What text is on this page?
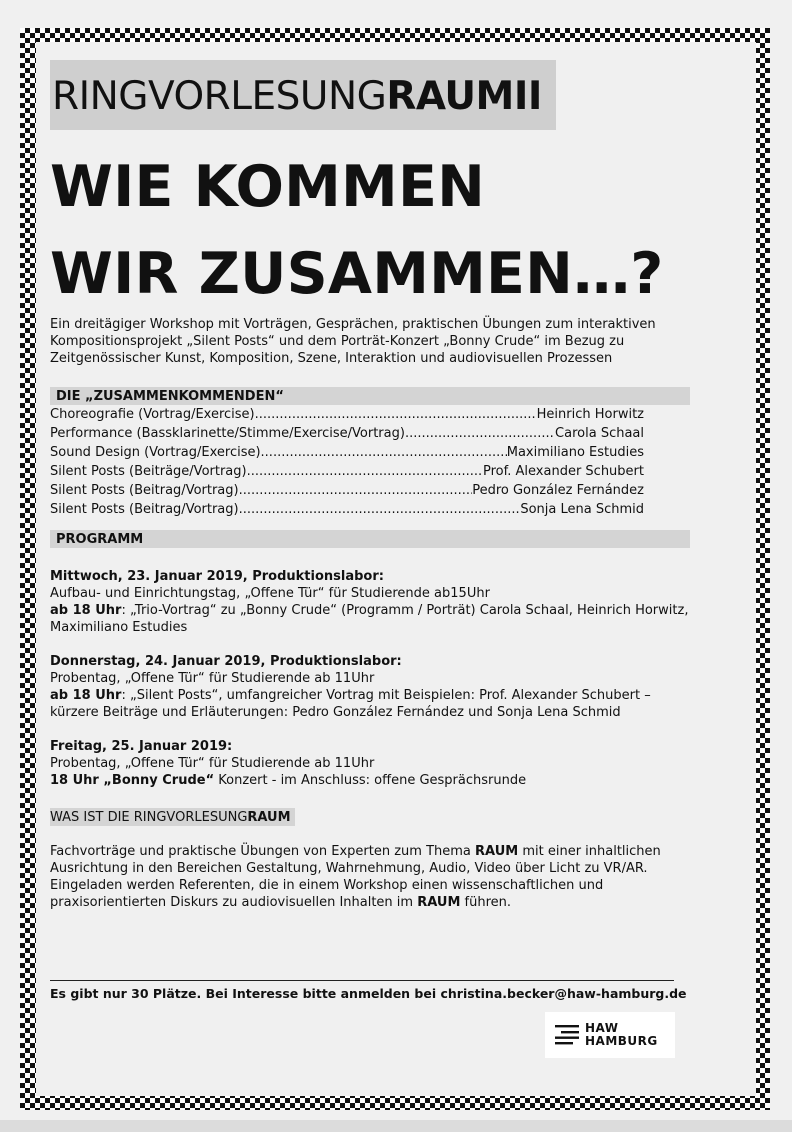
RINGVORLESUNGRAUMII
WIE KOMMEN
WIR ZUSAMMEN…?
Ein dreitägiger Workshop mit Vorträgen, Gesprächen, praktischen Übungen zum interaktiven Kompositionsprojekt „Silent Posts“ und dem Porträt-Konzert „Bonny Crude“ im Bezug zu Zeitgenössischer Kunst, Komposition, Szene, Interaktion und audiovisuellen Prozessen
DIE „ZUSAMMENKOMMENDEN“
Choreografie (Vortrag/Exercise) .....	Heinrich Horwitz
Performance (Bassklarinette/Stimme/Exercise/Vortrag) .....	Carola Schaal
Sound Design (Vortrag/Exercise).... .....	Maximiliano Estudies
Silent Posts (Beiträge/Vortrag) .....	Prof. Alexander Schubert
Silent Posts (Beitrag/Vortrag) .....	Pedro González Fernández
Silent Posts (Beitrag/Vortrag) .....	Sonja Lena Schmid
PROGRAMM
Mittwoch, 23. Januar 2019, Produktionslabor:
Aufbau- und Einrichtungstag, „Offene Tür“ für Studierende ab15Uhr
ab 18 Uhr: „Trio-Vortrag“ zu „Bonny Crude“ (Programm / Porträt) Carola Schaal, Heinrich Horwitz, Maximiliano Estudies
Donnerstag, 24. Januar 2019, Produktionslabor:
Probentag, „Offene Tür“ für Studierende ab 11Uhr
ab 18 Uhr: „Silent Posts“, umfangreicher Vortrag mit Beispielen: Prof. Alexander Schubert – kürzere Beiträge und Erläuterungen: Pedro González Fernández und Sonja Lena Schmid
Freitag, 25. Januar 2019:
Probentag, „Offene Tür“ für Studierende ab 11Uhr
18 Uhr „Bonny Crude“ Konzert - im Anschluss: offene Gesprächsrunde
WAS IST DIE RINGVORLESUNGRAUM
Fachvorträge und praktische Übungen von Experten zum Thema RAUM mit einer inhaltlichen Ausrichtung in den Bereichen Gestaltung, Wahrnehmung, Audio, Video über Licht zu VR/AR. Eingeladen werden Referenten, die in einem Workshop einen wissenschaftlichen und praxisorientierten Diskurs zu audiovisuellen Inhalten im RAUM führen.
Es gibt nur 30 Plätze. Bei Interesse bitte anmelden bei christina.becker@haw-hamburg.de
HAW
HAMBURG
